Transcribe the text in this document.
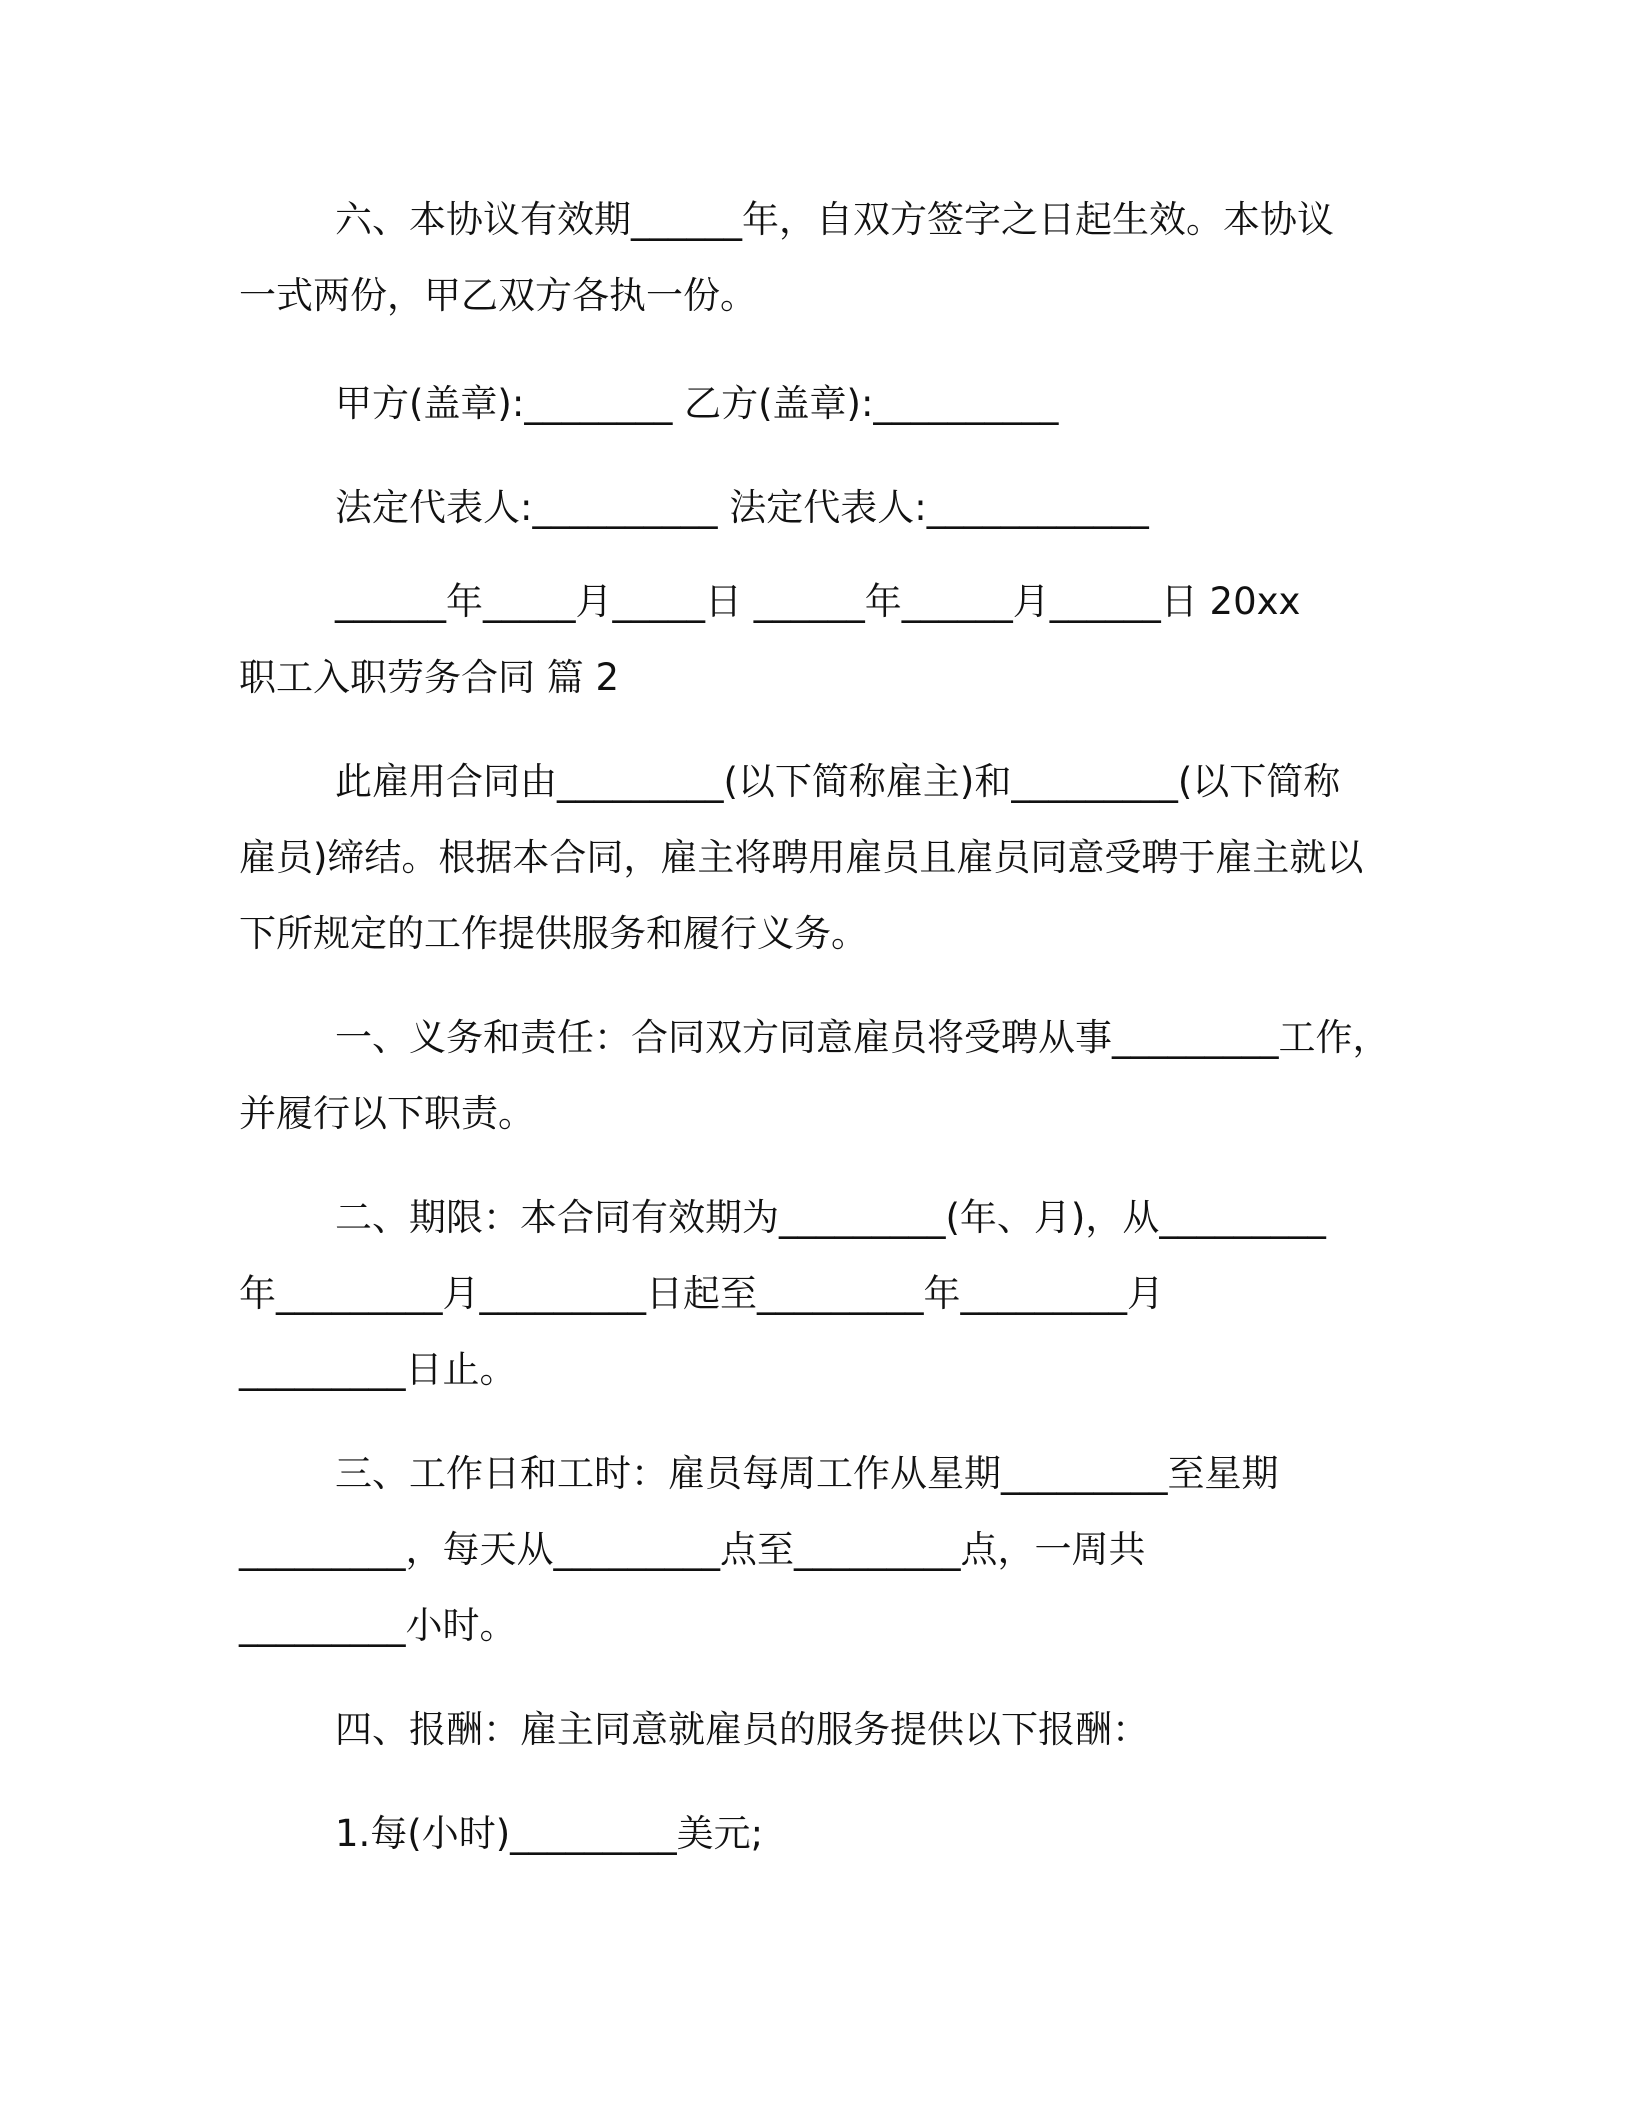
六、本协议有效期______年，自双方签字之日起生效。本协议

一式两份，甲乙双方各执一份。

甲方(盖章):________ 乙方(盖章):__________

法定代表人:__________ 法定代表人:____________

______年_____月_____日 ______年______月______日 20xx

职工入职劳务合同 篇 2

此雇用合同由_________(以下简称雇主)和_________(以下简称

雇员)缔结。根据本合同，雇主将聘用雇员且雇员同意受聘于雇主就以

下所规定的工作提供服务和履行义务。

一、义务和责任：合同双方同意雇员将受聘从事_________工作，

并履行以下职责。

二、期限：本合同有效期为_________(年、月)，从_________

年_________月_________日起至_________年_________月

_________日止。

三、工作日和工时：雇员每周工作从星期_________至星期

_________，每天从_________点至_________点，一周共

_________小时。

四、报酬：雇主同意就雇员的服务提供以下报酬：

1.每(小时)_________美元;
